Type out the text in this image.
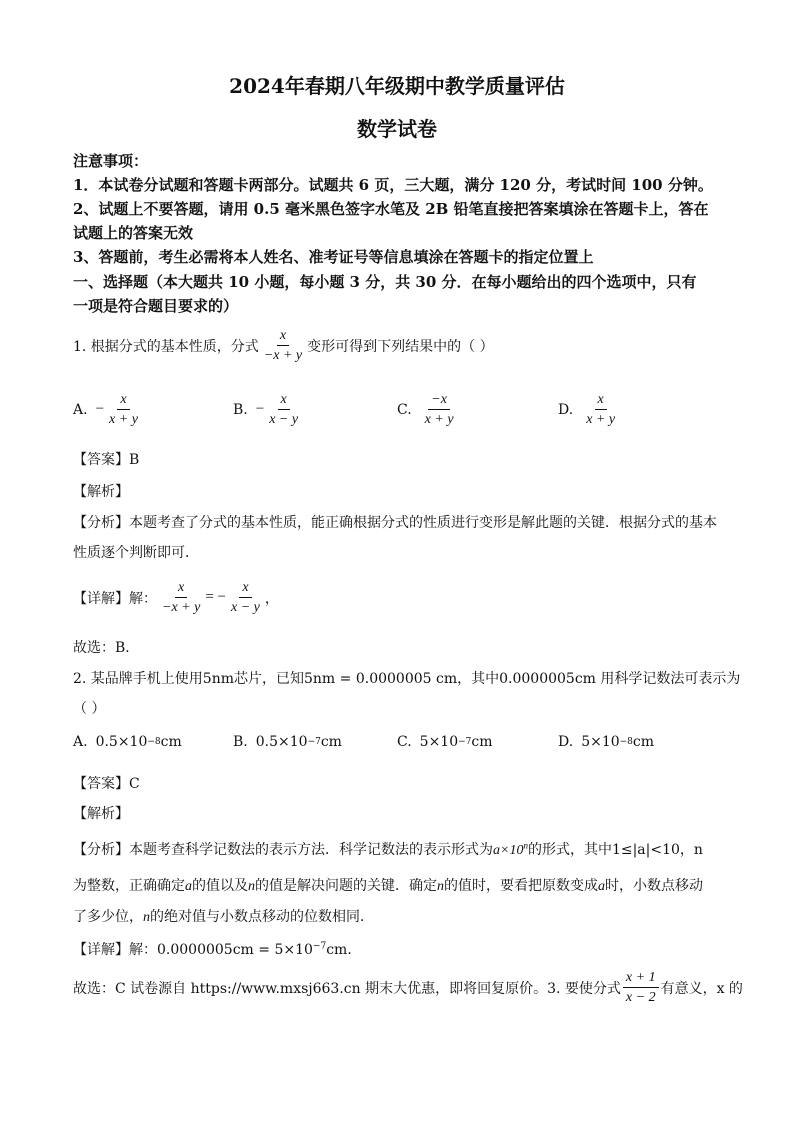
2024年春期八年级期中教学质量评估
数学试卷
注意事项：
1．本试卷分试题和答题卡两部分。试题共 6 页，三大题，满分 120 分，考试时间 100 分钟。
2、试题上不要答题，请用 0.5 毫米黑色签字水笔及 2B 铅笔直接把答案填涂在答题卡上，答在
试题上的答案无效
3、答题前，考生必需将本人姓名、准考证号等信息填涂在答题卡的指定位置上
一、选择题（本大题共 10 小题，每小题 3 分，共 30 分．在每小题给出的四个选项中，只有
一项是符合题目要求的）
1. 根据分式的基本性质，分式 $\frac{x}{-x + y}$ 变形可得到下列结果中的（ ）
A. − $\frac{x}{x + y}$	B. − $\frac{x}{x - y}$	C. $\frac{-x}{x + y}$	D. $\frac{x}{x + y}$
【答案】B
【解析】
【分析】本题考查了分式的基本性质，能正确根据分式的性质进行变形是解此题的关键．根据分式的基本
性质逐个判断即可．
【详解】解： $\frac{x}{-x + y}$ = − $\frac{x}{x - y}$ ，
故选：B．
2. 某品牌手机上使用5nm芯片，已知5nm = 0.0000005 cm，其中0.0000005cm 用科学记数法可表示为
（ ）
A. 0.5×10 −8 cm	B. 0.5×10 −7 cm	C. 5×10 −7 cm	D. 5×10 −8 cm
【答案】C
【解析】
【分析】本题考查科学记数法的表示方法．科学记数法的表示形式为$a\times 10^n$的形式，其中1≤|a|<10，n
为整数，正确确定a的值以及n的值是解决问题的关键．确定n的值时，要看把原数变成a时，小数点移动
了多少位，n的绝对值与小数点移动的位数相同．
【详解】解：$0.0000005cm = 5\times 10^{-7}cm$．
故选：C 试卷源自 https://www.mxsj663.cn 期末大优惠，即将回复原价。3. 要使分式 $\frac{x + 1}{x - 2}$ 有意义，x 的
